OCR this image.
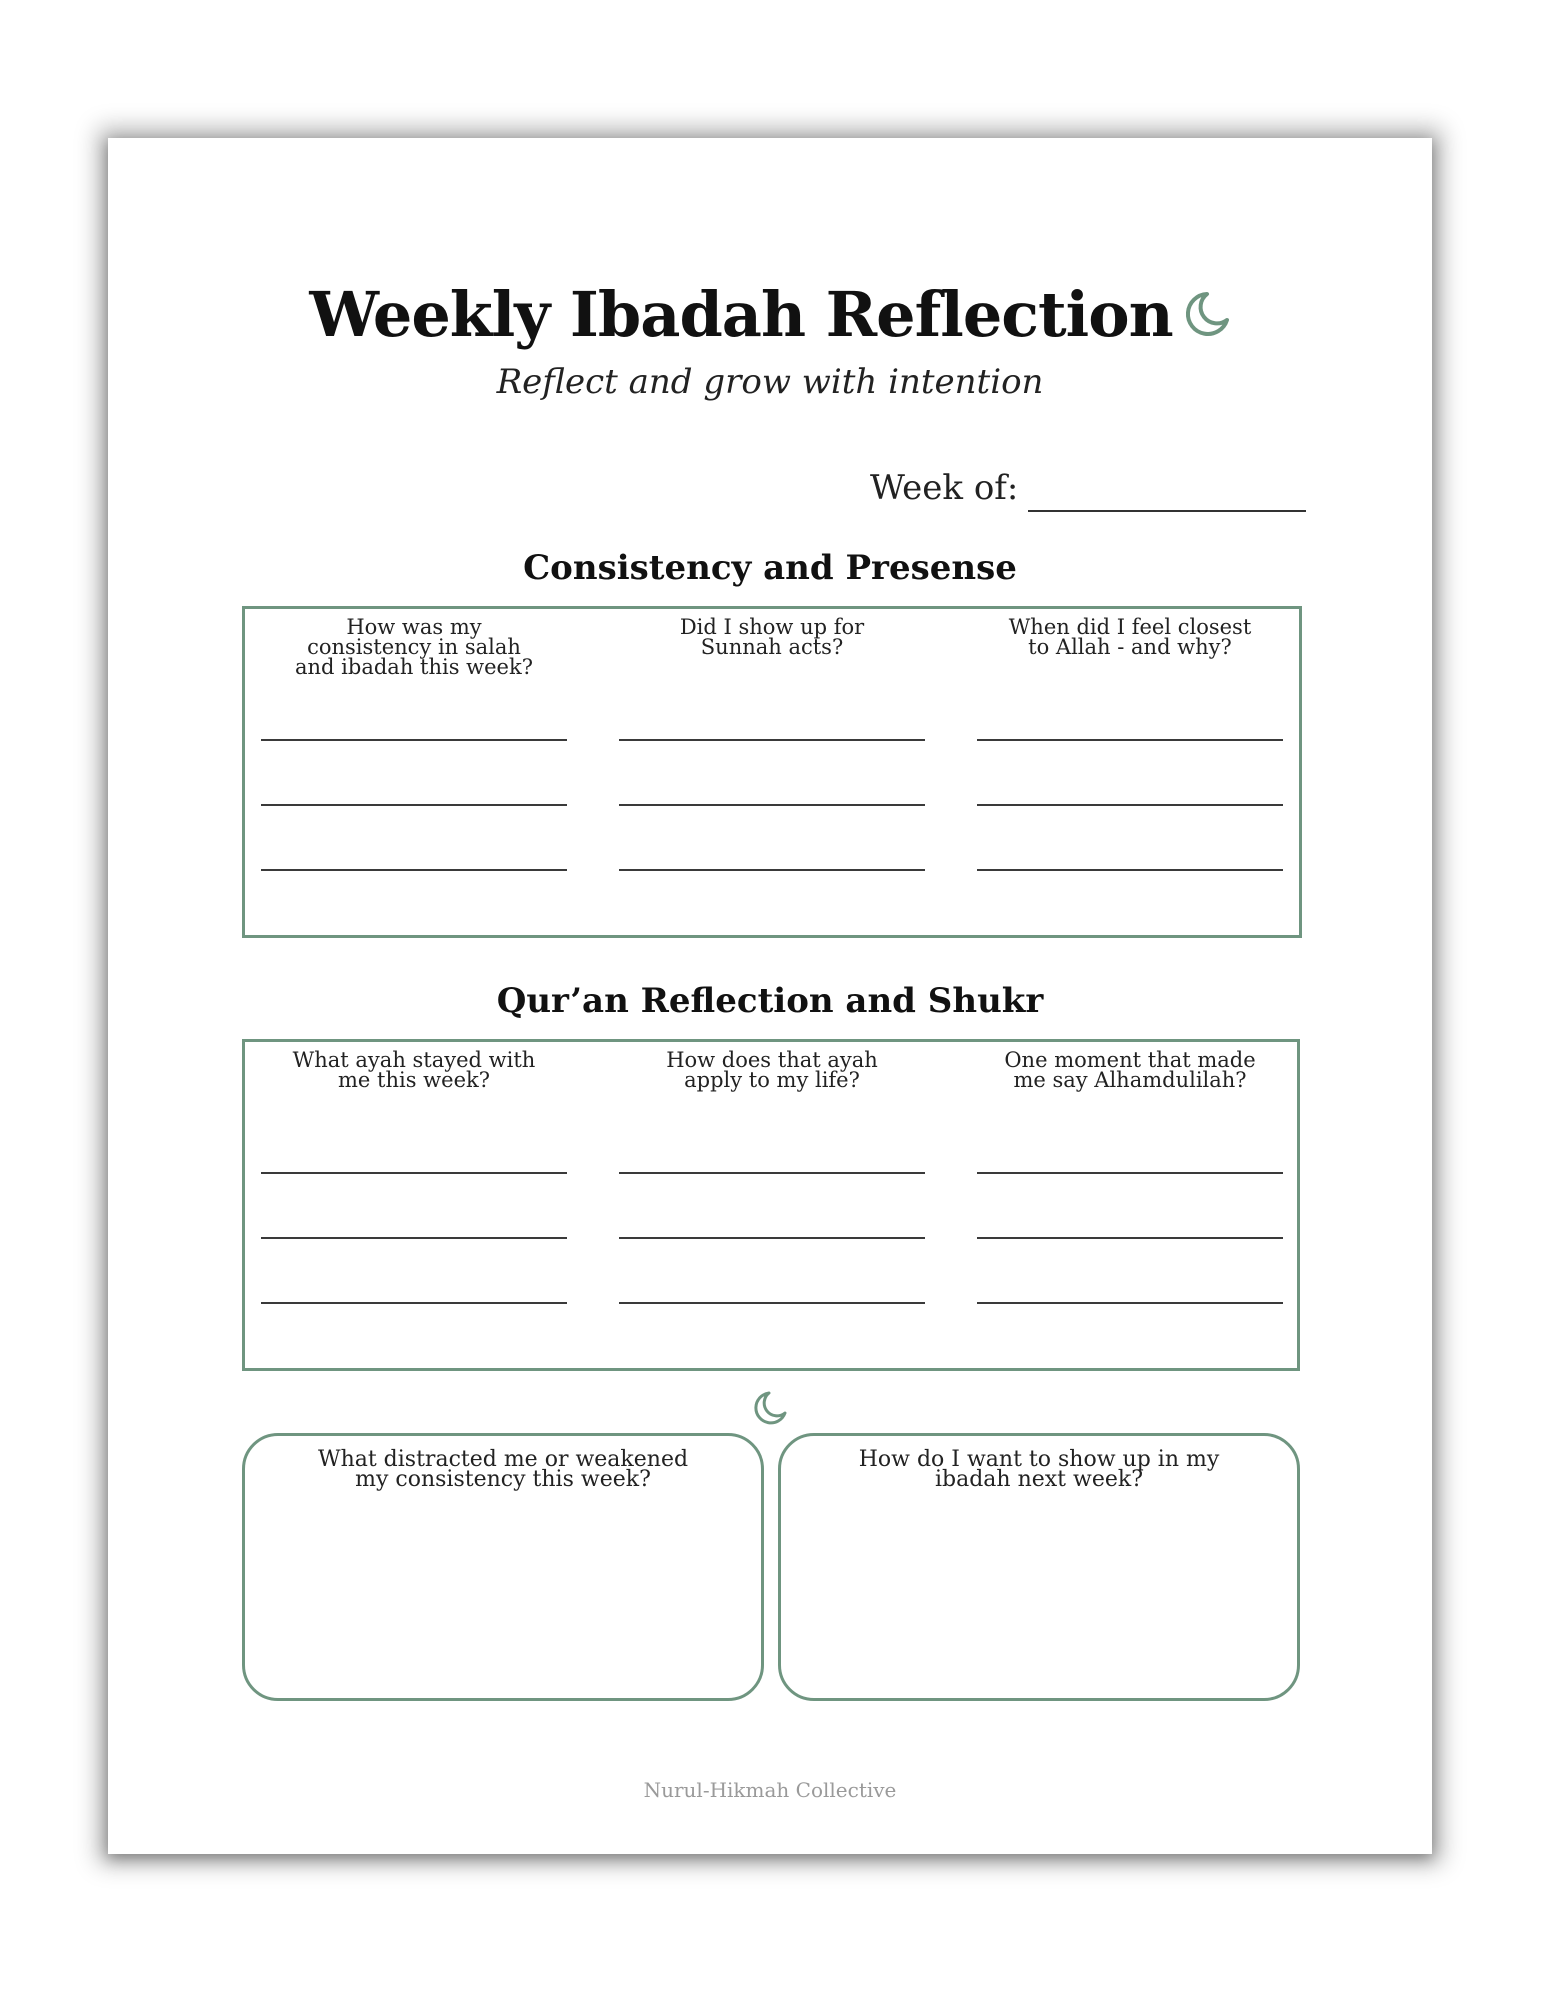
Weekly Ibadah Reflection
Reflect and grow with intention
Week of:
Consistency and Presense
How was my
consistency in salah
and ibadah this week?
Did I show up for
Sunnah acts?
When did I feel closest
to Allah - and why?
Qur’an Reflection and Shukr
What ayah stayed with
me this week?
How does that ayah
apply to my life?
One moment that made
me say Alhamdulilah?
What distracted me or weakened
my consistency this week?
How do I want to show up in my
ibadah next week?
Nurul-Hikmah Collective
